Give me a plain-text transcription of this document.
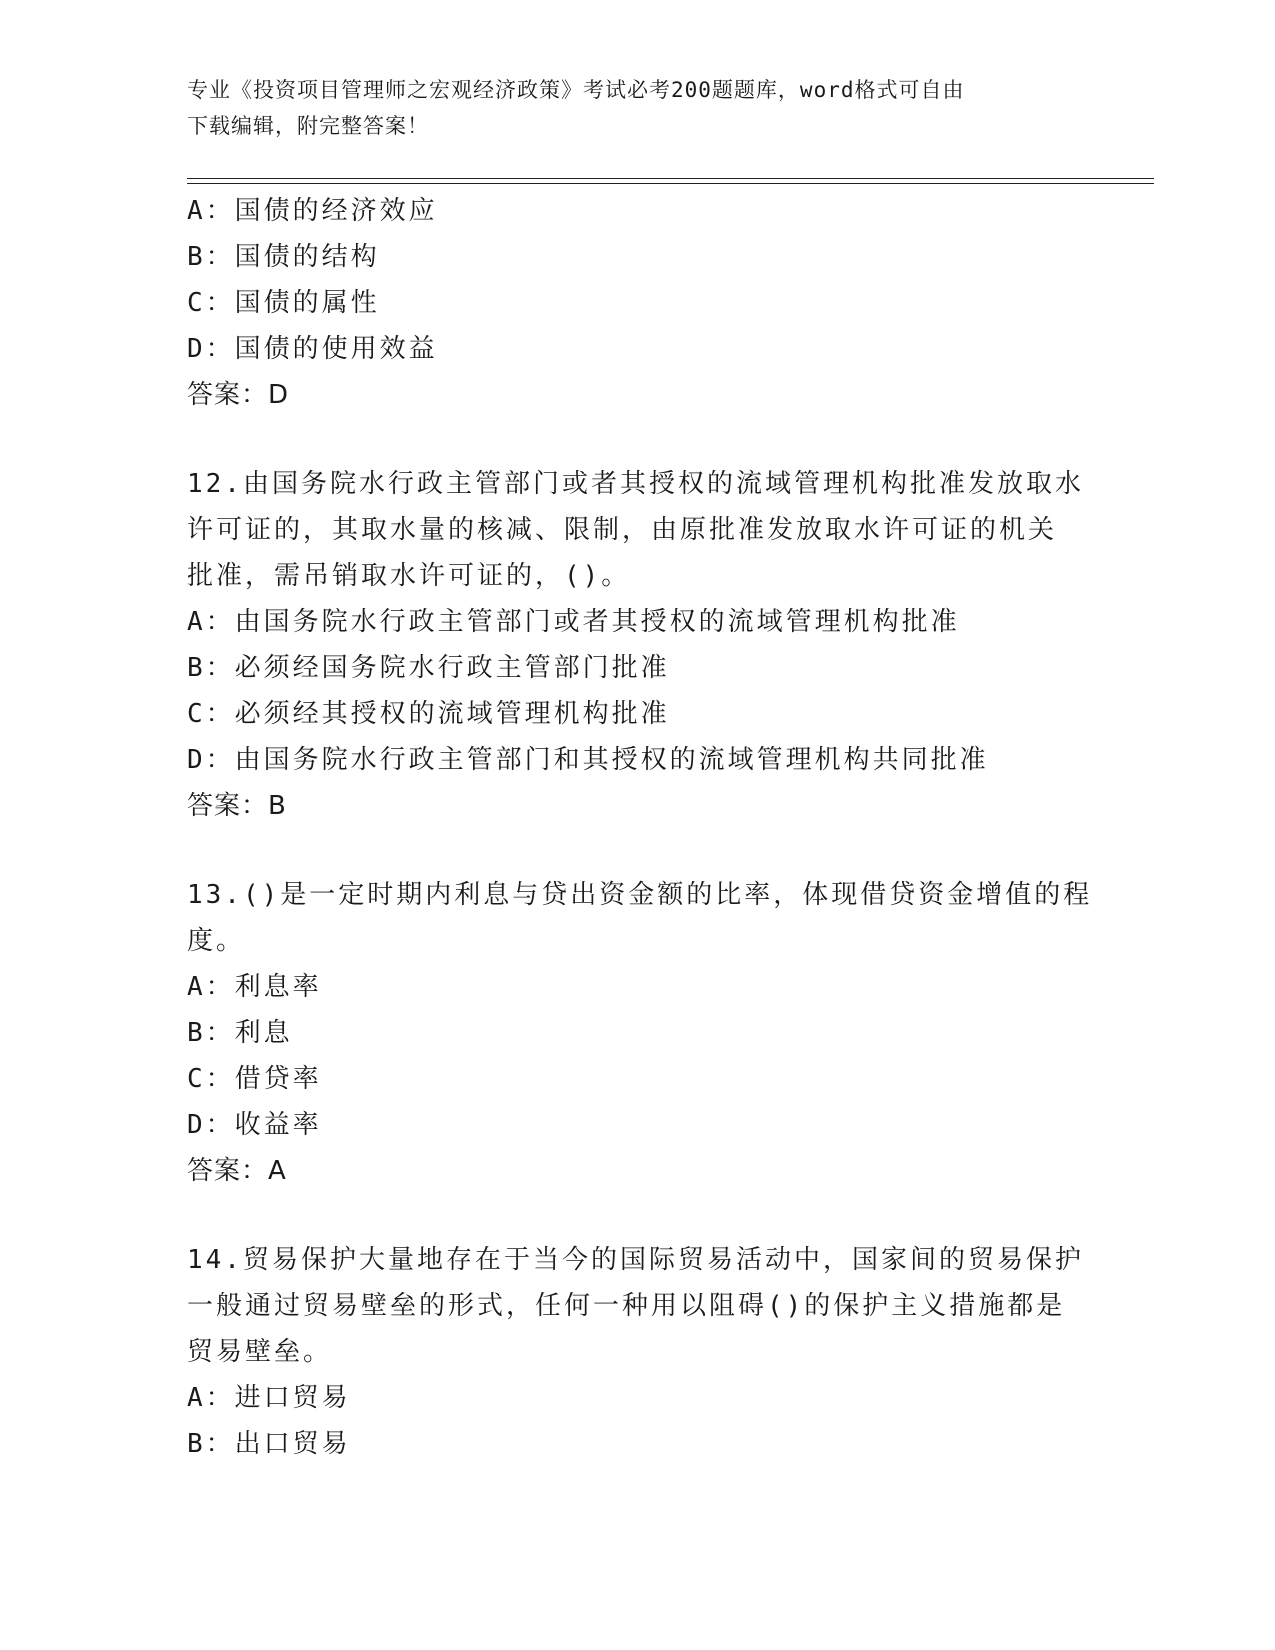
专业《投资项目管理师之宏观经济政策》考试必考200题题库，word格式可自由
下载编辑，附完整答案！
A：国债的经济效应
B：国债的结构
C：国债的属性
D：国债的使用效益
答案：D
12.由国务院水行政主管部门或者其授权的流域管理机构批准发放取水
许可证的，其取水量的核减、限制，由原批准发放取水许可证的机关
批准，需吊销取水许可证的，()。
A：由国务院水行政主管部门或者其授权的流域管理机构批准
B：必须经国务院水行政主管部门批准
C：必须经其授权的流域管理机构批准
D：由国务院水行政主管部门和其授权的流域管理机构共同批准
答案：B
13.()是一定时期内利息与贷出资金额的比率，体现借贷资金增值的程
度。
A：利息率
B：利息
C：借贷率
D：收益率
答案：A
14.贸易保护大量地存在于当今的国际贸易活动中，国家间的贸易保护
一般通过贸易壁垒的形式，任何一种用以阻碍()的保护主义措施都是
贸易壁垒。
A：进口贸易
B：出口贸易
